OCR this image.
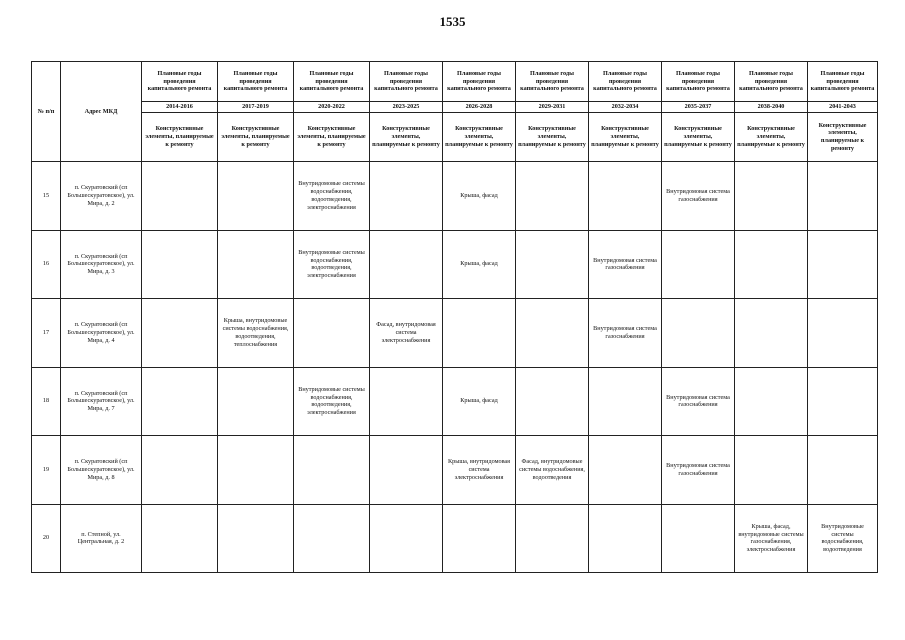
1535
№ п/п	Адрес МКД	Плановые годы проведения капитального ремонта	Плановые годы проведения капитального ремонта	Плановые годы проведения капитального ремонта	Плановые годы проведения капитального ремонта	Плановые годы проведения капитального ремонта	Плановые годы проведения капитального ремонта	Плановые годы проведения капитального ремонта	Плановые годы проведения капитального ремонта	Плановые годы проведения капитального ремонта	Плановые годы проведения капитального ремонта
		2014-2016	2017-2019	2020-2022	2023-2025	2026-2028	2029-2031	2032-2034	2035-2037	2038-2040	2041-2043
		Конструктивные элементы, планируемые к ремонту	Конструктивные элементы, планируемые к ремонту	Конструктивные элементы, планируемые к ремонту	Конструктивные элементы, планируемые к ремонту	Конструктивные элементы, планируемые к ремонту	Конструктивные элементы, планируемые к ремонту	Конструктивные элементы, планируемые к ремонту	Конструктивные элементы, планируемые к ремонту	Конструктивные элементы, планируемые к ремонту	Конструктивные элементы, планируемые к ремонту
15	п. Скуратовский (сп Большескуратовское), ул. Мира, д. 2			Внутридомовые системы водоснабжения, водоотведения, электроснабжения		Крыша, фасад			Внутридомовая система газоснабжения		
16	п. Скуратовский (сп Большескуратовское), ул. Мира, д. 3			Внутридомовые системы водоснабжения, водоотведения, электроснабжения		Крыша, фасад		Внутридомовая система газоснабжения			
17	п. Скуратовский (сп Большескуратовское), ул. Мира, д. 4		Крыша, внутридомовые системы водоснабжения, водоотведения, теплоснабжения		Фасад, внутридомовая система электроснабжения			Внутридомовая система газоснабжения			
18	п. Скуратовский (сп Большескуратовское), ул. Мира, д. 7			Внутридомовые системы водоснабжения, водоотведения, электроснабжения		Крыша, фасад			Внутридомовая система газоснабжения		
19	п. Скуратовский (сп Большескуратовское), ул. Мира, д. 8					Крыша, внутридомовая система электроснабжения	Фасад, внутридомовые системы водоснабжения, водоотведения		Внутридомовая система газоснабжения		
20	п. Степной, ул. Центральная, д. 2									Крыша, фасад, внутридомовые системы газоснабжения, электроснабжения	Внутридомовые системы водоснабжения, водоотведения
